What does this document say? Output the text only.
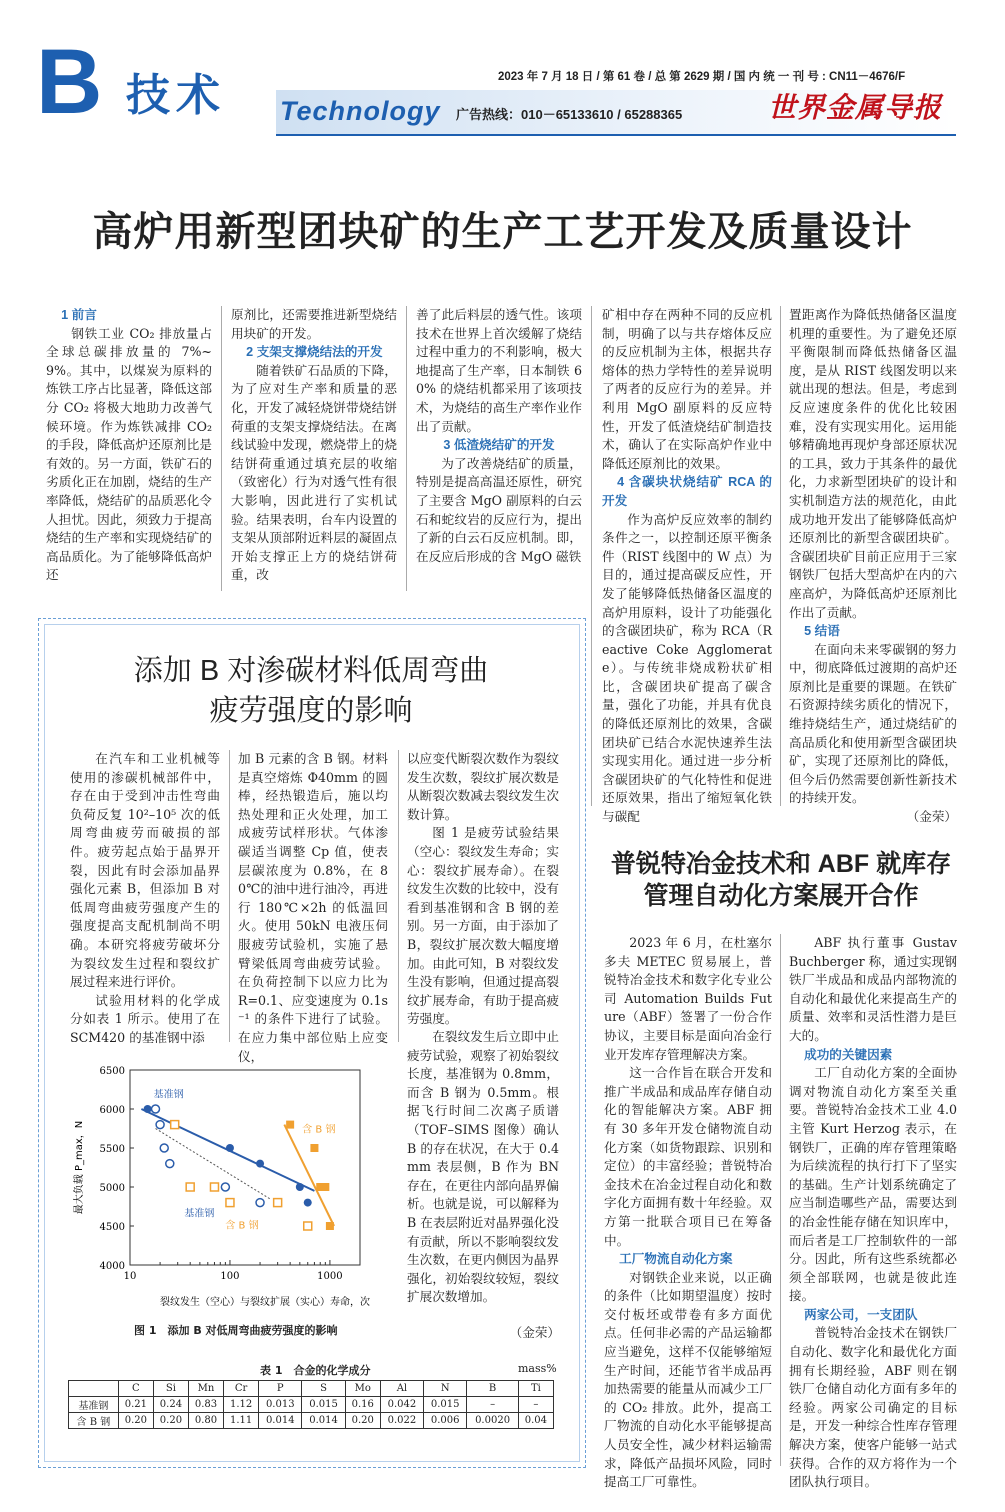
B 技术	2023 年 7 月 18 日 / 第 61 卷 / 总 第 2629 期 / 国 内 统 一 刊 号 : CN11－4676/F
Technology 广告热线：010－65133610 / 65288365	世界金属导报
高炉用新型团块矿的生产工艺开发及质量设计
1 前言

钢铁工业 CO₂ 排放量占全球总碳排放量的 7%~9%。其中，以煤炭为原料的炼铁工序占比显著，降低这部分 CO₂ 将极大地助力改善气候环境。作为炼铁减排 CO₂ 的手段，降低高炉还原剂比是有效的。另一方面，铁矿石的劣质化正在加剧，烧结的生产率降低，烧结矿的品质恶化令人担忧。因此，须致力于提高烧结的生产率和实现烧结矿的高品质化。为了能够降低高炉还

原剂比，还需要推进新型烧结用块矿的开发。
2 支架支撑烧结法的开发

随着铁矿石品质的下降，为了应对生产率和质量的恶化，开发了减轻烧饼带烧结饼荷重的支架支撑烧结法。在离线试验中发现，燃烧带上的烧结饼荷重通过填充层的收缩（致密化）行为对透气性有很大影响，因此进行了实机试验。结果表明，台车内设置的支架从顶部附近料层的凝固点开始支撑正上方的烧结饼荷重，改

善了此后料层的透气性。该项技术在世界上首次缓解了烧结过程中重力的不利影响，极大地提高了生产率，日本制铁 60% 的烧结机都采用了该项技术，为烧结的高生产率作业作出了贡献。
3 低渣烧结矿的开发

为了改善烧结矿的质量，特别是提高高温还原性，研究了主要含 MgO 副原料的白云石和蛇纹岩的反应行为，提出了新的白云石反应机制。即，在反应后形成的含 MgO 磁铁

矿相中存在两种不同的反应机制，明确了以与共存熔体反应的反应机制为主体，根据共存熔体的热力学特性的差异说明了两者的反应行为的差异。并利用 MgO 副原料的反应特性，开发了低渣烧结矿制造技术，确认了在实际高炉作业中降低还原剂比的效果。
4 含碳块状烧结矿 RCA 的开发

作为高炉反应效率的制约条件之一，以控制还原平衡条件（RIST 线图中的 W 点）为目的，通过提高碳反应性，开发了能够降低热储备区温度的高炉用原料，设计了功能强化的含碳团块矿，称为 RCA（Reactive Coke Agglomerate）。与传统非烧成粉状矿相比，含碳团块矿提高了碳含量，强化了功能，并具有优良的降低还原剂比的效果，含碳团块矿已结合水泥快速养生法实现实用化。通过进一步分析含碳团块矿的气化特性和促进还原效果，指出了缩短氧化铁与碳配

置距离作为降低热储备区温度机理的重要性。为了避免还原平衡限制而降低热储备区温度，是从 RIST 线图发明以来就出现的想法。但是，考虑到反应速度条件的优化比较困难，没有实现实用化。运用能够精确地再现炉身部还原状况的工具，致力于其条件的最优化，力求新型团块矿的设计和实机制造方法的规范化，由此成功地开发出了能够降低高炉还原剂比的新型含碳团块矿。含碳团块矿目前正应用于三家钢铁厂包括大型高炉在内的六座高炉，为降低高炉还原剂比作出了贡献。
5 结语

在面向未来零碳钢的努力中，彻底降低过渡期的高炉还原剂比是重要的课题。在铁矿石资源持续劣质化的情况下，维持烧结生产，通过烧结矿的高品质化和使用新型含碳团块矿，实现了还原剂比的降低，但今后仍然需要创新性新技术的持续开发。

（金荣）
添加 B 对渗碳材料低周弯曲
疲劳强度的影响

在汽车和工业机械等使用的渗碳机械部件中，存在由于受到冲击性弯曲负荷反复 10²–10⁵ 次的低周弯曲疲劳而破损的部件。疲劳起点始于晶界开裂，因此有时会添加晶界强化元素 B，但添加 B 对低周弯曲疲劳强度产生的强度提高支配机制尚不明确。本研究将疲劳破坏分为裂纹发生过程和裂纹扩展过程来进行评价。

试验用材料的化学成分如表 1 所示。使用了在 SCM420 的基准钢中添

加 B 元素的含 B 钢。材料是真空熔炼 Ф40mm 的圆棒，经热锻造后，施以均热处理和正火处理，加工成疲劳试样形状。气体渗碳适当调整 Cp 值，使表层碳浓度为 0.8%，在 80℃的油中进行油冷，再进行 180℃×2h 的低温回火。使用 50kN 电液压伺服疲劳试验机，实施了悬臂梁低周弯曲疲劳试验。在负荷控制下以应力比为 R=0.1、应变速度为 0.1s⁻¹ 的条件下进行了试验。在应力集中部位贴上应变仪，
以应变代断裂次数作为裂纹发生次数，裂纹扩展次数是从断裂次数减去裂纹发生次数计算。

图 1 是疲劳试验结果（空心：裂纹发生寿命；实心：裂纹扩展寿命）。在裂纹发生次数的比较中，没有看到基准钢和含 B 钢的差别。另一方面，由于添加了 B，裂纹扩展次数大幅度增加。由此可知，B 对裂纹发生没有影响，但通过提高裂纹扩展寿命，有助于提高疲劳强度。

在裂纹发生后立即中止疲劳试验，观察了初始裂纹长度，基准钢为 0.8mm，而含 B 钢为 0.5mm。根据飞行时间二次离子质谱（TOF–SIMS 图像）确认 B 的存在状况，在大于 0.4mm 表层侧，B 作为 BN 存在，在更往内部向晶界偏析。也就是说，可以解释为 B 在表层附近对晶界强化没有贡献，所以不影响裂纹发生次数，在更内侧因为晶界强化，初始裂纹较短，裂纹扩展次数增加。

（金荣）
4000
4500
5000
5500
6000
6500
10	100	1000
裂纹发生（空心）与裂纹扩展（实心）寿命，次
最大负载 P_max，N
基准钢
含 B 钢
基准钢
含 B 钢
图 1　添加 B 对低周弯曲疲劳强度的影响
表 1　合金的化学成分	mass%
	C	Si	Mn	Cr	P	S	Mo	Al	N	B	Ti
基准钢	0.21	0.24	0.83	1.12	0.013	0.015	0.16	0.042	0.015	–	–
含 B 钢	0.20	0.20	0.80	1.11	0.014	0.014	0.20	0.022	0.006	0.0020	0.04
普锐特冶金技术和 ABF 就库存
管理自动化方案展开合作

2023 年 6 月，在杜塞尔多夫 METEC 贸易展上，普锐特冶金技术和数字化专业公司 Automation Builds Future（ABF）签署了一份合作协议，主要目标是面向冶金行业开发库存管理解决方案。

这一合作旨在联合开发和推广半成品和成品库存储自动化的智能解决方案。ABF 拥有 30 多年开发仓储物流自动化方案（如货物跟踪、识别和定位）的丰富经验；普锐特冶金技术在冶金过程自动化和数字化方面拥有数十年经验。双方第一批联合项目已在筹备中。

工厂物流自动化方案

对钢铁企业来说，以正确的条件（比如期望温度）按时交付板坯或带卷有多方面优点。任何非必需的产品运输都应当避免，这样不仅能够缩短生产时间，还能节省半成品再加热需要的能量从而减少工厂的 CO₂ 排放。此外，提高工厂物流的自动化水平能够提高人员安全性，减少材料运输需求，降低产品损坏风险，同时提高工厂可靠性。

ABF 执行董事 Gustav Buchberger 称，通过实现钢铁厂半成品和成品内部物流的自动化和最优化来提高生产的质量、效率和灵活性潜力是巨大的。

成功的关键因素

工厂自动化方案的全面协调对物流自动化方案至关重要。普锐特冶金技术工业 4.0 主管 Kurt Herzog 表示，在钢铁厂，正确的库存管理策略为后续流程的执行打下了坚实的基础。生产计划系统确定了应当制造哪些产品，需要达到的冶金性能存储在知识库中，而后者是工厂控制软件的一部分。因此，所有这些系统都必须全部联网，也就是彼此连接。

两家公司，一支团队

普锐特冶金技术在钢铁厂自动化、数字化和最优化方面拥有长期经验，ABF 则在钢铁厂仓储自动化方面有多年的经验。两家公司确定的目标是，开发一种综合性库存管理解决方案，使客户能够一站式获得。合作的双方将作为一个团队执行项目。
